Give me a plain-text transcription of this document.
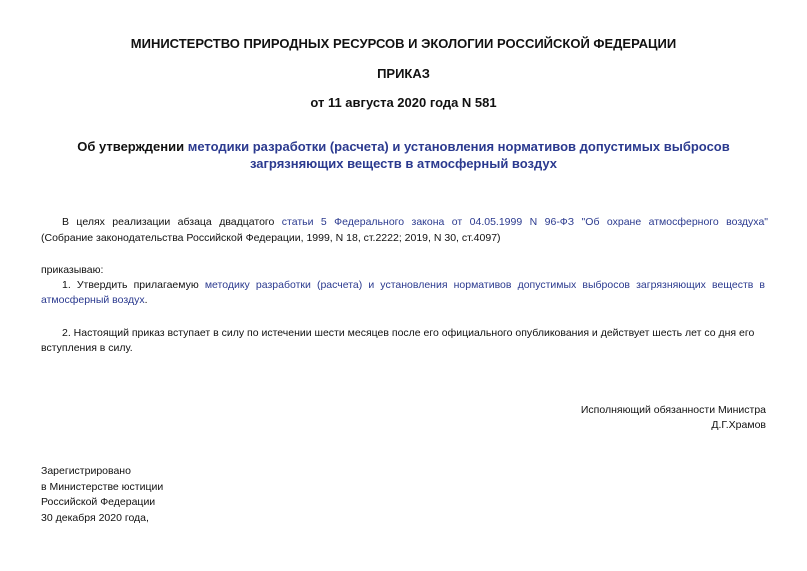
МИНИСТЕРСТВО ПРИРОДНЫХ РЕСУРСОВ И ЭКОЛОГИИ РОССИЙСКОЙ ФЕДЕРАЦИИ
ПРИКАЗ
от 11 августа 2020 года N 581
Об утверждении методики разработки (расчета) и установления нормативов допустимых выбросов
загрязняющих веществ в атмосферный воздух
В целях реализации абзаца двадцатого статьи 5 Федерального закона от 04.05.1999 N 96-ФЗ "Об охране атмосферного воздуха"
(Собрание законодательства Российской Федерации, 1999, N 18, ст.2222; 2019, N 30, ст.4097)
приказываю:
1. Утвердить прилагаемую методику разработки (расчета) и установления нормативов допустимых выбросов загрязняющих веществ в
атмосферный воздух.
2. Настоящий приказ вступает в силу по истечении шести месяцев после его официального опубликования и действует шесть лет со дня его
вступления в силу.
Исполняющий обязанности Министра
Д.Г.Храмов
Зарегистрировано
в Министерстве юстиции
Российской Федерации
30 декабря 2020 года,
